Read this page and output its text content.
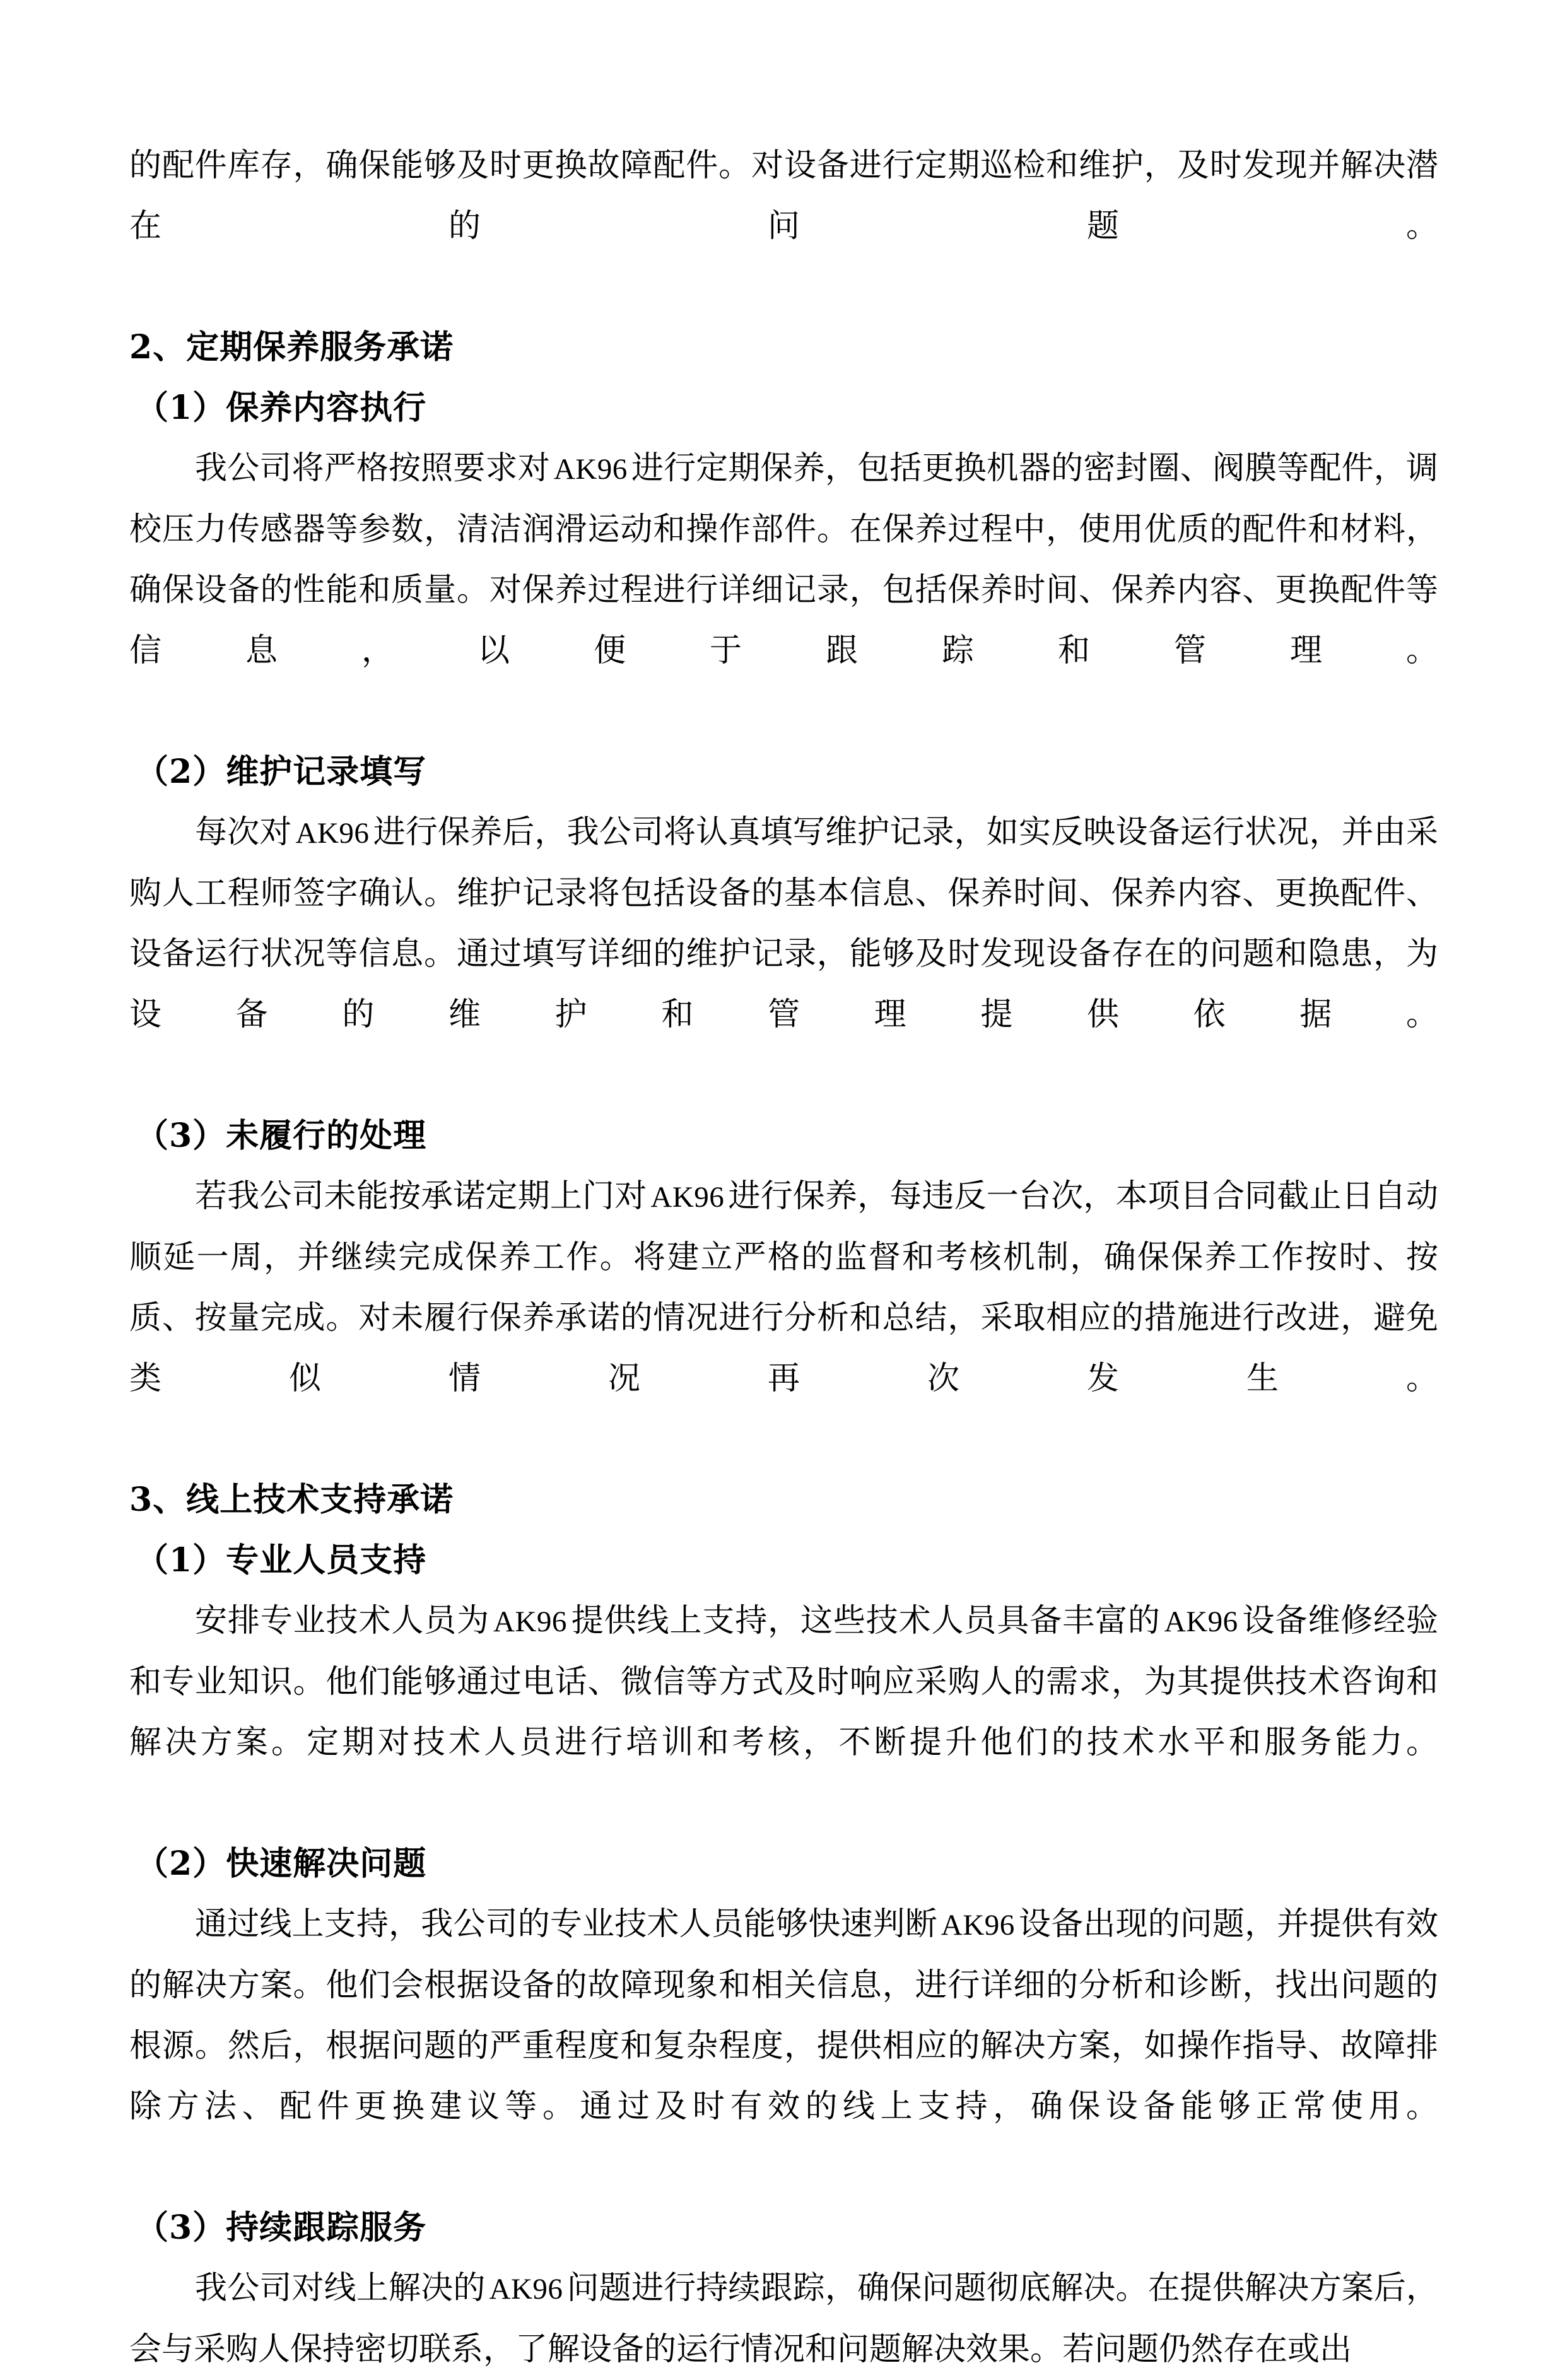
的配件库存，确保能够及时更换故障配件。对设备进行定期巡检和维护，及时发现并解决潜在的问题。

2、定期保养服务承诺

（1）保养内容执行

我公司将严格按照要求对 AK96 进行定期保养，包括更换机器的密封圈、阀膜等配件，调校压力传感器等参数，清洁润滑运动和操作部件。在保养过程中，使用优质的配件和材料，确保设备的性能和质量。对保养过程进行详细记录，包括保养时间、保养内容、更换配件等信息，以便于跟踪和管理。

（2）维护记录填写

每次对 AK96 进行保养后，我公司将认真填写维护记录，如实反映设备运行状况，并由采购人工程师签字确认。维护记录将包括设备的基本信息、保养时间、保养内容、更换配件、设备运行状况等信息。通过填写详细的维护记录，能够及时发现设备存在的问题和隐患，为设备的维护和管理提供依据。

（3）未履行的处理

若我公司未能按承诺定期上门对 AK96 进行保养，每违反一台次，本项目合同截止日自动顺延一周，并继续完成保养工作。将建立严格的监督和考核机制，确保保养工作按时、按质、按量完成。对未履行保养承诺的情况进行分析和总结，采取相应的措施进行改进，避免类似情况再次发生。

3、线上技术支持承诺

（1）专业人员支持

安排专业技术人员为 AK96 提供线上支持，这些技术人员具备丰富的 AK96 设备维修经验和专业知识。他们能够通过电话、微信等方式及时响应采购人的需求，为其提供技术咨询和解决方案。定期对技术人员进行培训和考核，不断提升他们的技术水平和服务能力。

（2）快速解决问题

通过线上支持，我公司的专业技术人员能够快速判断 AK96 设备出现的问题，并提供有效的解决方案。他们会根据设备的故障现象和相关信息，进行详细的分析和诊断，找出问题的根源。然后，根据问题的严重程度和复杂程度，提供相应的解决方案，如操作指导、故障排除方法、配件更换建议等。通过及时有效的线上支持，确保设备能够正常使用。

（3）持续跟踪服务

我公司对线上解决的 AK96 问题进行持续跟踪，确保问题彻底解决。在提供解决方案后，会与采购人保持密切联系，了解设备的运行情况和问题解决效果。若问题仍然存在或出
